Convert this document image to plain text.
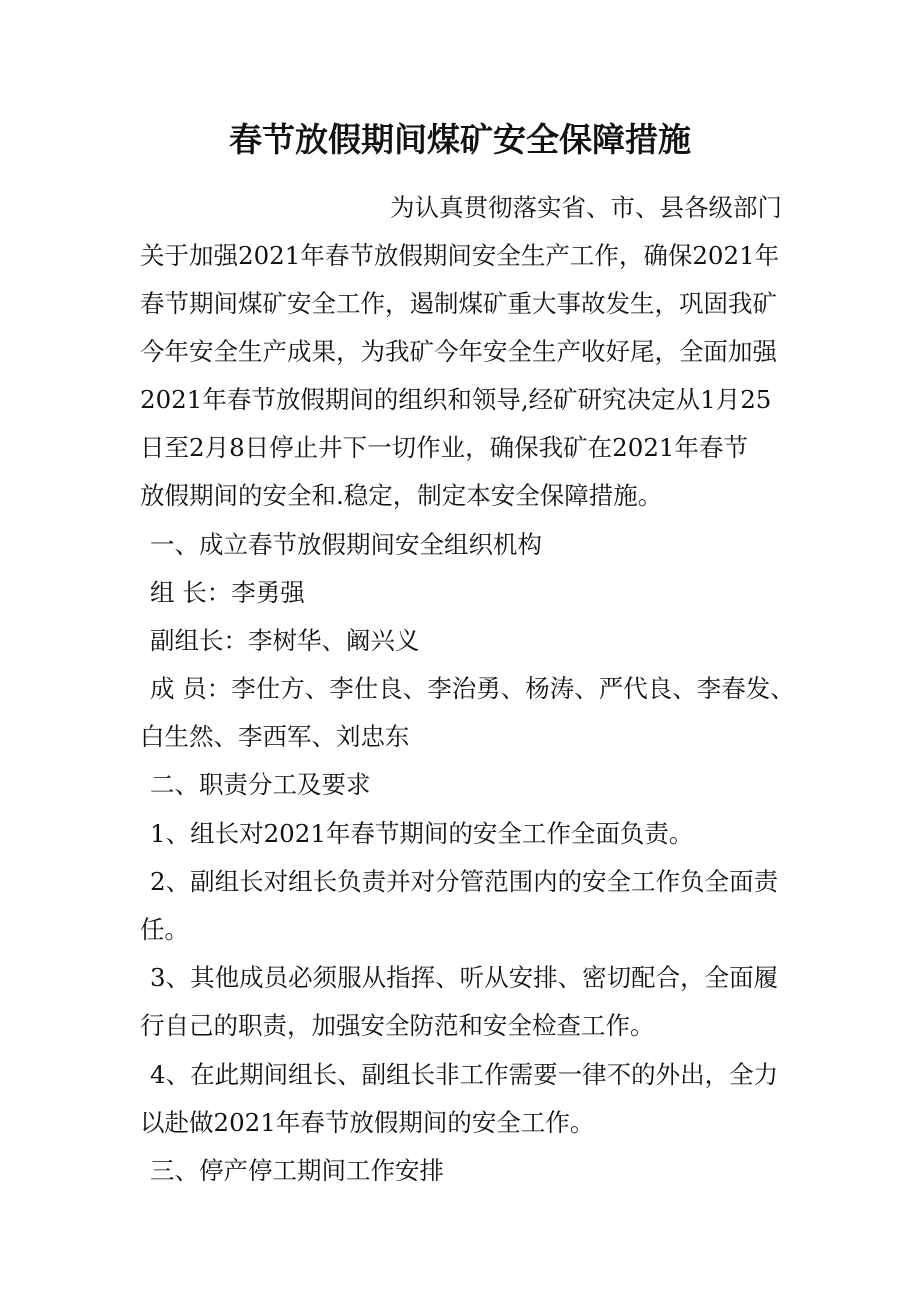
春节放假期间煤矿安全保障措施

为认真贯彻落实省、市、县各级部门

关于加强2021年春节放假期间安全生产工作，确保2021年

春节期间煤矿安全工作，遏制煤矿重大事故发生，巩固我矿

今年安全生产成果，为我矿今年安全生产收好尾，全面加强

2021年春节放假期间的组织和领导,经矿研究决定从1月25

日至2月8日停止井下一切作业，确保我矿在2021年春节

放假期间的安全和.稳定，制定本安全保障措施。

一、成立春节放假期间安全组织机构

组 长：李勇强

副组长：李树华、阚兴义

成 员：李仕方、李仕良、李治勇、杨涛、严代良、李春发、

白生然、李西军、刘忠东

二、职责分工及要求

1、组长对2021年春节期间的安全工作全面负责。

2、副组长对组长负责并对分管范围内的安全工作负全面责

任。

3、其他成员必须服从指挥、听从安排、密切配合，全面履

行自己的职责，加强安全防范和安全检查工作。

4、在此期间组长、副组长非工作需要一律不的外出，全力

以赴做2021年春节放假期间的安全工作。

三、停产停工期间工作安排
